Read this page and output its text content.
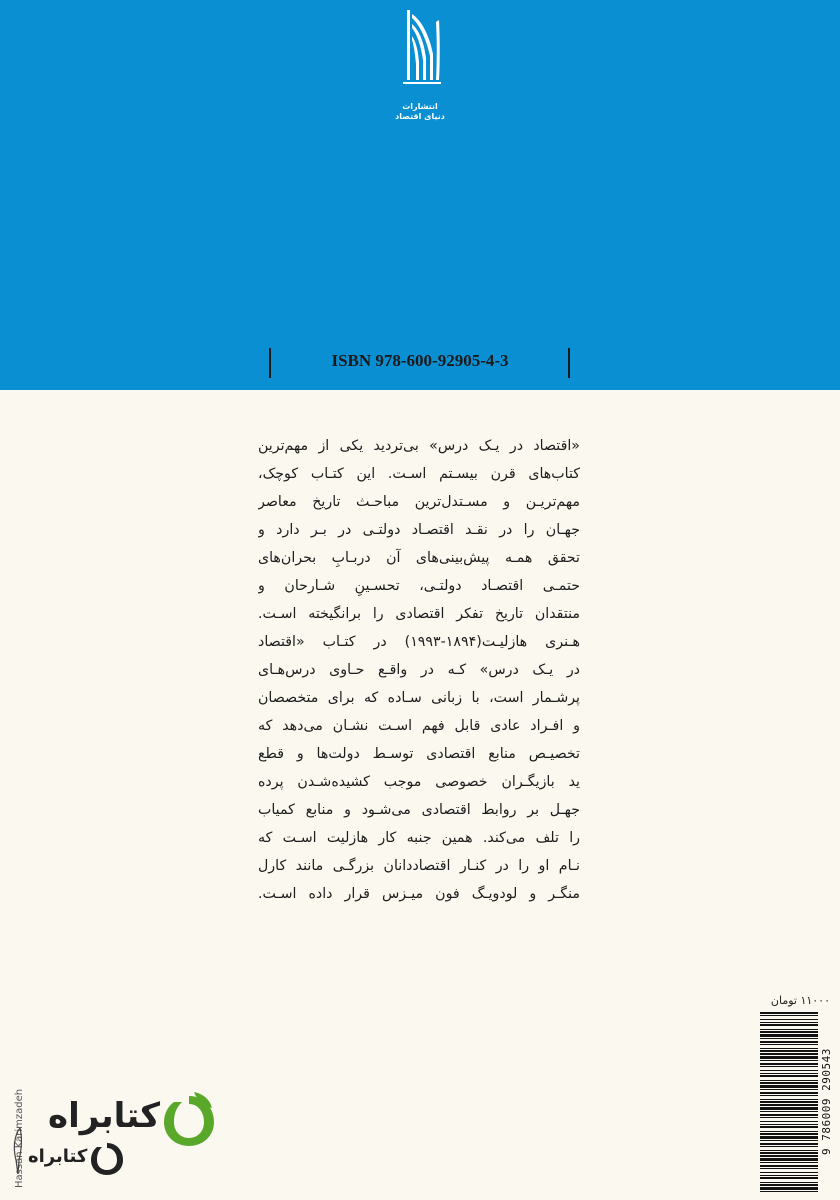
انتشارات
دنیای اقتصاد
ISBN 978-600-92905-4-3
«اقتصاد در یـک درس» بی‌تردید یکی از مهم‌ترین
کتاب‌های قرن بیسـتم اسـت. این کتـاب کوچک،
مهم‌تریـن و مسـتدل‌ترین مباحـث تاریخ معاصر
جهـان را در نقـد اقتصـاد دولتـی در بـر دارد و
تحقق همـه پیش‌بینی‌های آن دربـابِ بحران‌های
حتمـی اقتصـاد دولتـی، تحسـینِ شـارحان و
منتقدان تاریخ تفکر اقتصادی را برانگیخته اسـت.
هـنری هازلیـت(۱۸۹۴-۱۹۹۳) در کتـاب «اقتصاد
در یـک درس» کـه در واقـع حـاوی درس‌هـای
پرشـمار است، با زبانی سـاده که برای متخصصان
و افـراد عادی قابل فهم اسـت نشـان می‌دهد که
تخصیـص منابع اقتصادی توسـط دولت‌ها و قطع
ید بازیگـران خصوصی موجب کشیده‌شـدن پرده
جهـل بر روابط اقتصادی می‌شـود و منابع کمیاب
را تلف می‌کند. همین جنبه کار هازلیت اسـت که
نـام او را در کنـار اقتصاددانان بزرگـی مانند کارل
منگـر و لودویـگ فون میـزس قرار داده اسـت.
۱۱۰۰۰ تومان
9 786009 290543
Hassan Karimzadeh کتابراه
کتابراه
